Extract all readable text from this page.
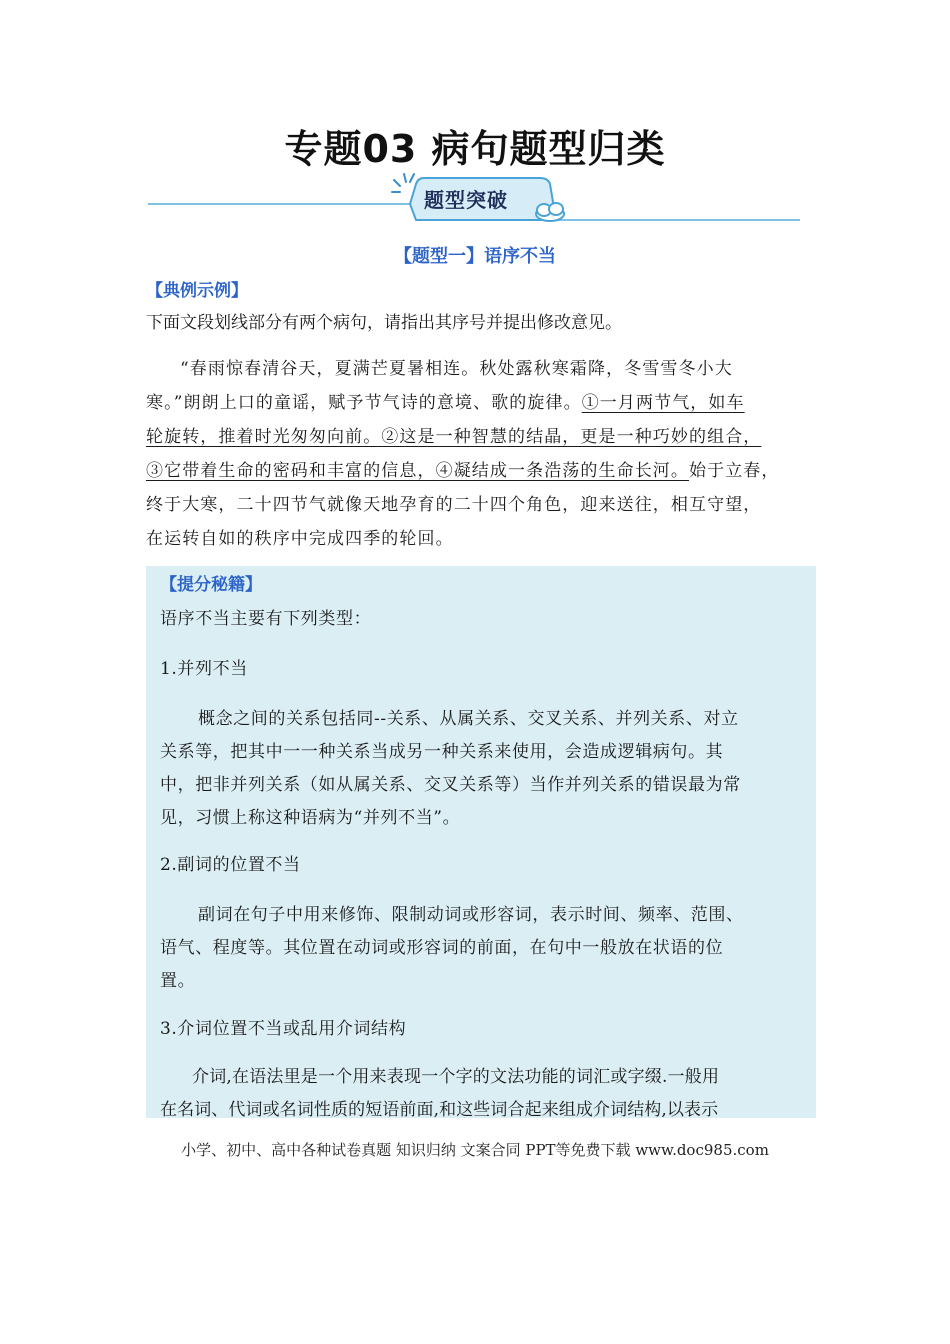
专题03 病句题型归类
题型突破
【题型一】语序不当
【典例示例】
下面文段划线部分有两个病句，请指出其序号并提出修改意见。
“春雨惊春清谷天，夏满芒夏暑相连。秋处露秋寒霜降，冬雪雪冬小大
寒。”朗朗上口的童谣，赋予节气诗的意境、歌的旋律。①一月两节气，如车
轮旋转，推着时光匆匆向前。②这是一种智慧的结晶，更是一种巧妙的组合，
③它带着生命的密码和丰富的信息，④凝结成一条浩荡的生命长河。始于立春，
终于大寒，二十四节气就像天地孕育的二十四个角色，迎来送往，相互守望，
在运转自如的秩序中完成四季的轮回。
【提分秘籍】
语序不当主要有下列类型：
1.并列不当
概念之间的关系包括同--关系、从属关系、交叉关系、并列关系、对立
关系等，把其中一一种关系当成另一种关系来使用，会造成逻辑病句。其
中，把非并列关系（如从属关系、交叉关系等）当作并列关系的错误最为常
见，习惯上称这种语病为“并列不当”。
2.副词的位置不当
副词在句子中用来修饰、限制动词或形容词，表示时间、频率、范围、
语气、程度等。其位置在动词或形容词的前面，在句中一般放在状语的位
置。
3.介词位置不当或乱用介词结构
介词,在语法里是一个用来表现一个字的文法功能的词汇或字缀.一般用
在名词、代词或名词性质的短语前面,和这些词合起来组成介词结构,以表示
小学、初中、高中各种试卷真题 知识归纳 文案合同 PPT等免费下载 www.doc985.com
